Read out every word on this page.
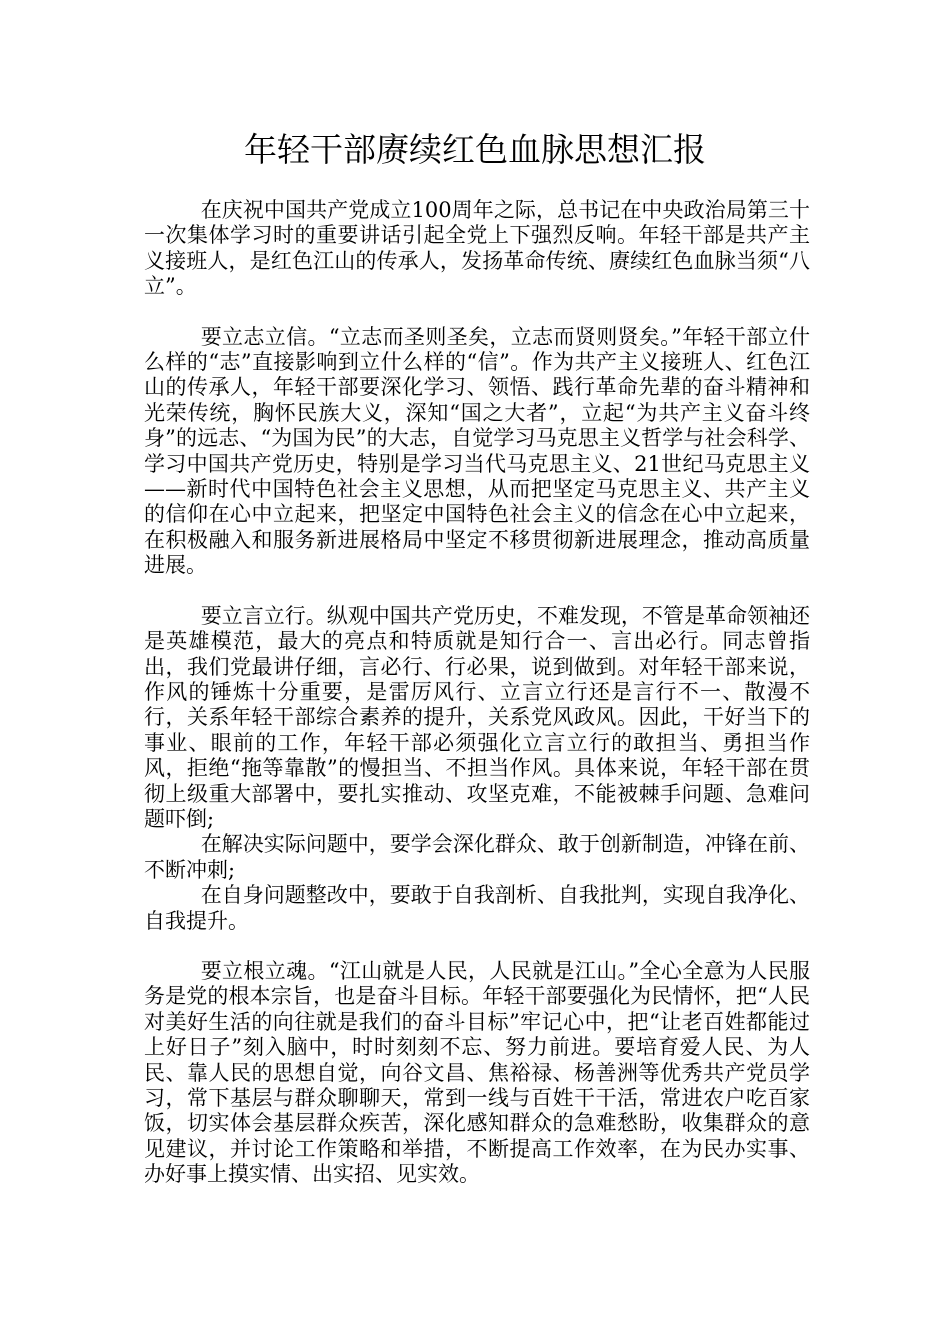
年轻干部赓续红色血脉思想汇报

在庆祝中国共产党成立100周年之际，总书记在中央政治局第三十一次集体学习时的重要讲话引起全党上下强烈反响。年轻干部是共产主义接班人，是红色江山的传承人，发扬革命传统、赓续红色血脉当须“八立”。

要立志立信。“立志而圣则圣矣，立志而贤则贤矣。”年轻干部立什么样的“志”直接影响到立什么样的“信”。作为共产主义接班人、红色江山的传承人，年轻干部要深化学习、领悟、践行革命先辈的奋斗精神和光荣传统，胸怀民族大义，深知“国之大者”，立起“为共产主义奋斗终身”的远志、“为国为民”的大志，自觉学习马克思主义哲学与社会科学、学习中国共产党历史，特别是学习当代马克思主义、21世纪马克思主义——新时代中国特色社会主义思想，从而把坚定马克思主义、共产主义的信仰在心中立起来，把坚定中国特色社会主义的信念在心中立起来，在积极融入和服务新进展格局中坚定不移贯彻新进展理念，推动高质量进展。

要立言立行。纵观中国共产党历史，不难发现，不管是革命领袖还是英雄模范，最大的亮点和特质就是知行合一、言出必行。同志曾指出，我们党最讲仔细，言必行、行必果，说到做到。对年轻干部来说，作风的锤炼十分重要，是雷厉风行、立言立行还是言行不一、散漫不行，关系年轻干部综合素养的提升，关系党风政风。因此，干好当下的事业、眼前的工作，年轻干部必须强化立言立行的敢担当、勇担当作风，拒绝“拖等靠散”的慢担当、不担当作风。具体来说，年轻干部在贯彻上级重大部署中，要扎实推动、攻坚克难，不能被棘手问题、急难问题吓倒;

在解决实际问题中，要学会深化群众、敢于创新制造，冲锋在前、不断冲刺;

在自身问题整改中，要敢于自我剖析、自我批判，实现自我净化、自我提升。

要立根立魂。“江山就是人民，人民就是江山。”全心全意为人民服务是党的根本宗旨，也是奋斗目标。年轻干部要强化为民情怀，把“人民对美好生活的向往就是我们的奋斗目标”牢记心中，把“让老百姓都能过上好日子”刻入脑中，时时刻刻不忘、努力前进。要培育爱人民、为人民、靠人民的思想自觉，向谷文昌、焦裕禄、杨善洲等优秀共产党员学习，常下基层与群众聊聊天，常到一线与百姓干干活，常进农户吃百家饭，切实体会基层群众疾苦，深化感知群众的急难愁盼，收集群众的意见建议，并讨论工作策略和举措，不断提高工作效率，在为民办实事、办好事上摸实情、出实招、见实效。
